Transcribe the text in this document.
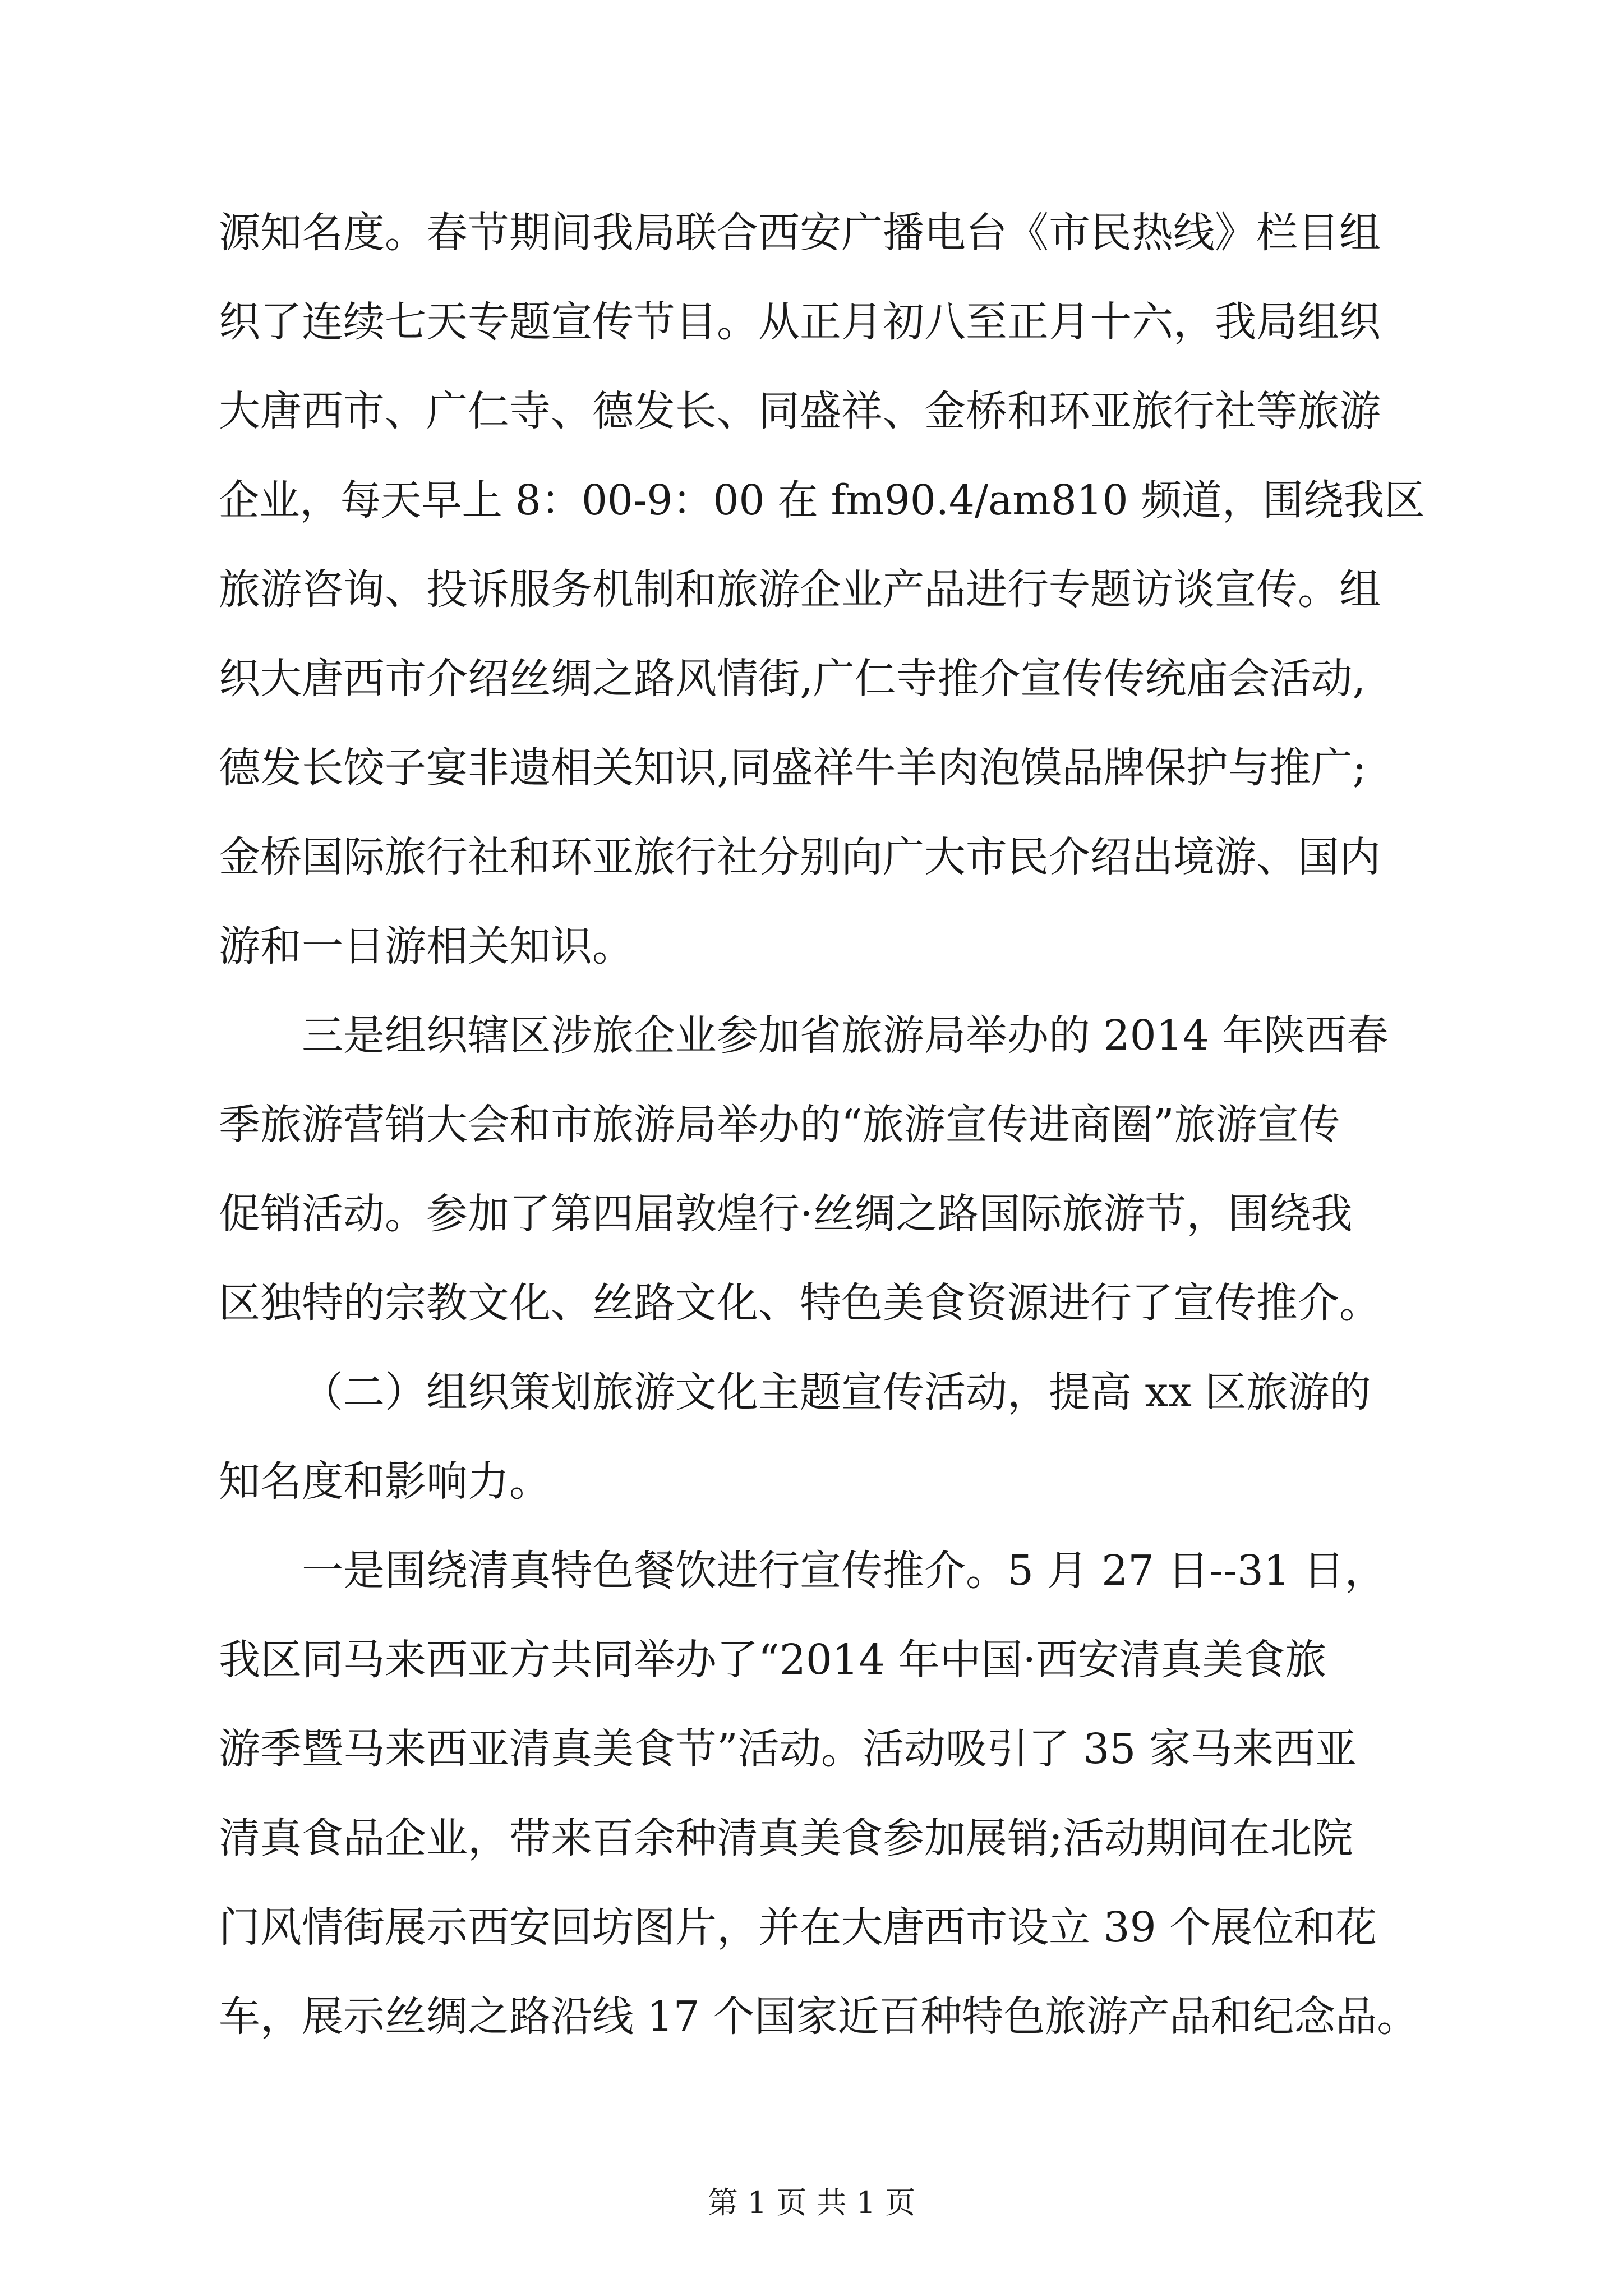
源知名度。春节期间我局联合西安广播电台《市民热线》栏目组
织了连续七天专题宣传节目。从正月初八至正月十六，我局组织
大唐西市、广仁寺、德发长、同盛祥、金桥和环亚旅行社等旅游
企业，每天早上 8：00-9：00 在 fm90.4/am810 频道，围绕我区
旅游咨询、投诉服务机制和旅游企业产品进行专题访谈宣传。组
织大唐西市介绍丝绸之路风情街,广仁寺推介宣传传统庙会活动,
德发长饺子宴非遗相关知识,同盛祥牛羊肉泡馍品牌保护与推广;
金桥国际旅行社和环亚旅行社分别向广大市民介绍出境游、国内
游和一日游相关知识。
三是组织辖区涉旅企业参加省旅游局举办的 2014 年陕西春
季旅游营销大会和市旅游局举办的“旅游宣传进商圈”旅游宣传
促销活动。参加了第四届敦煌行·丝绸之路国际旅游节，围绕我
区独特的宗教文化、丝路文化、特色美食资源进行了宣传推介。
（二）组织策划旅游文化主题宣传活动，提高 xx 区旅游的
知名度和影响力。
一是围绕清真特色餐饮进行宣传推介。5 月 27 日--31 日，
我区同马来西亚方共同举办了“2014 年中国·西安清真美食旅
游季暨马来西亚清真美食节”活动。活动吸引了 35 家马来西亚
清真食品企业，带来百余种清真美食参加展销;活动期间在北院
门风情街展示西安回坊图片，并在大唐西市设立 39 个展位和花
车，展示丝绸之路沿线 17 个国家近百种特色旅游产品和纪念品。
第 1 页 共 1 页
